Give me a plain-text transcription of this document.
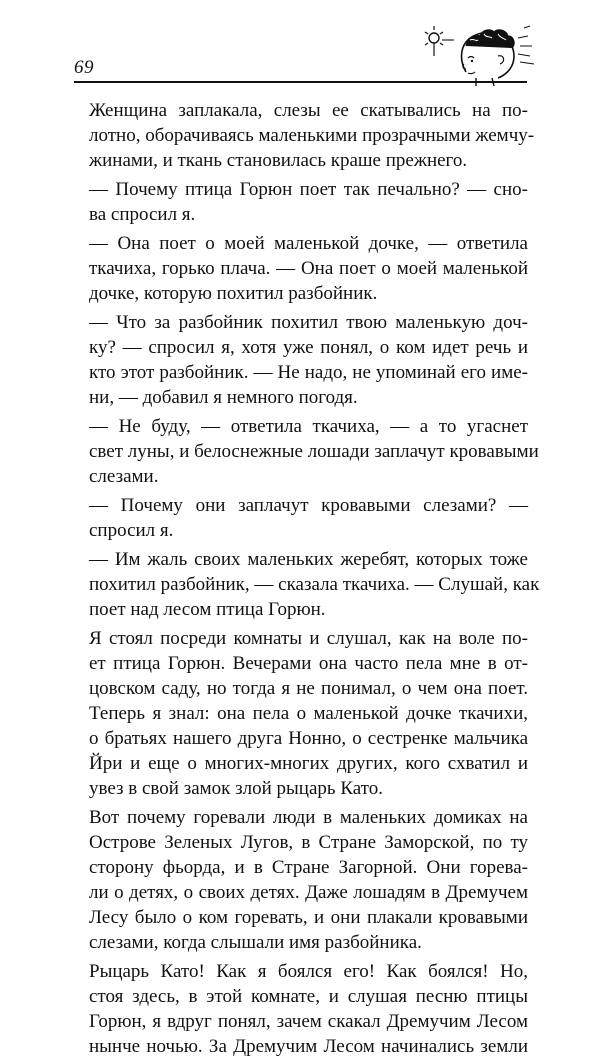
69

Женщина заплакала, слезы ее скатывались на по-
лотно, оборачиваясь маленькими прозрачными жемчу-
жинами, и ткань становилась краше прежнего.

— Почему птица Горюн поет так печально? — сно-
ва спросил я.

— Она поет о моей маленькой дочке, — ответила
ткачиха, горько плача. — Она поет о моей маленькой
дочке, которую похитил разбойник.

— Что за разбойник похитил твою маленькую доч-
ку? — спросил я, хотя уже понял, о ком идет речь и
кто этот разбойник. — Не надо, не упоминай его име-
ни, — добавил я немного погодя.

— Не буду, — ответила ткачиха, — а то угаснет
свет луны, и белоснежные лошади заплачут кровавыми
слезами.

— Почему они заплачут кровавыми слезами? —
спросил я.

— Им жаль своих маленьких жеребят, которых тоже
похитил разбойник, — сказала ткачиха. — Слушай, как
поет над лесом птица Горюн.

Я стоял посреди комнаты и слушал, как на воле по-
ет птица Горюн. Вечерами она часто пела мне в от-
цовском саду, но тогда я не понимал, о чем она поет.
Теперь я знал: она пела о маленькой дочке ткачихи,
о братьях нашего друга Нонно, о сестренке мальчика
Йри и еще о многих-многих других, кого схватил и
увез в свой замок злой рыцарь Като.

Вот почему горевали люди в маленьких домиках на
Острове Зеленых Лугов, в Стране Заморской, по ту
сторону фьорда, и в Стране Загорной. Они горева-
ли о детях, о своих детях. Даже лошадям в Дремучем
Лесу было о ком горевать, и они плакали кровавыми
слезами, когда слышали имя разбойника.

Рыцарь Като! Как я боялся его! Как боялся! Но,
стоя здесь, в этой комнате, и слушая песню птицы
Горюн, я вдруг понял, зачем скакал Дремучим Лесом
нынче ночью. За Дремучим Лесом начинались земли
